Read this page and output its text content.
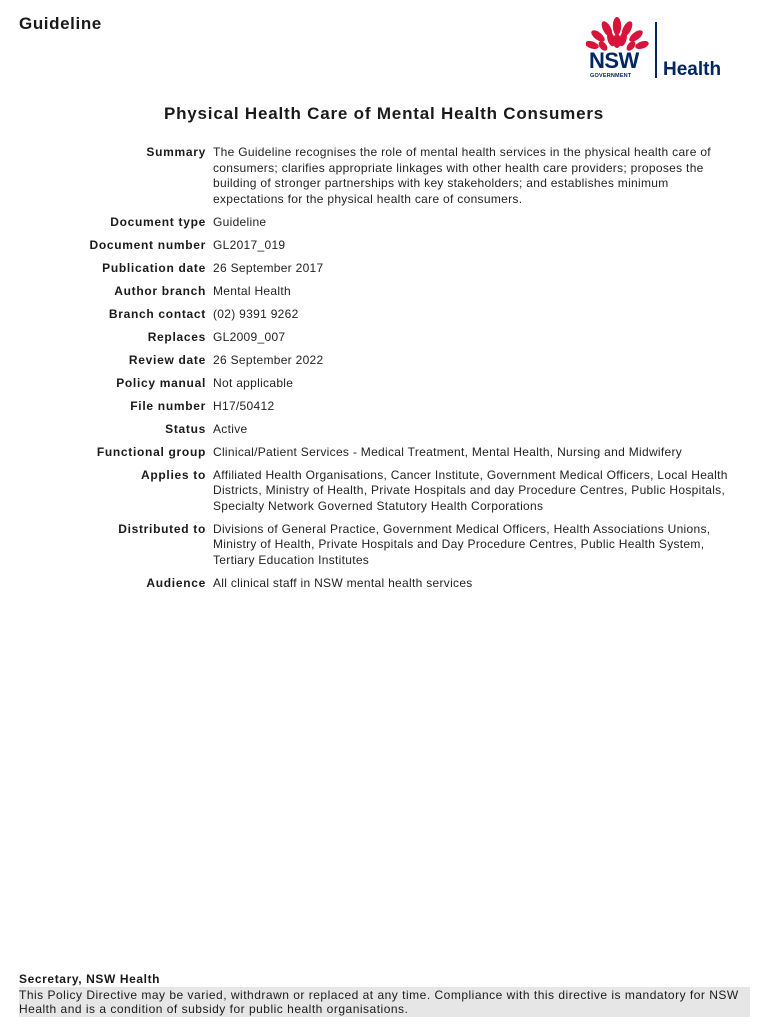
Guideline
NSW
GOVERNMENT Health
Physical Health Care of Mental Health Consumers
Summary	The Guideline recognises the role of mental health services in the physical health care of consumers; clarifies appropriate linkages with other health care providers; proposes the building of stronger partnerships with key stakeholders; and establishes minimum expectations for the physical health care of consumers.
Document type	Guideline
Document number	GL2017_019
Publication date	26 September 2017
Author branch	Mental Health
Branch contact	(02) 9391 9262
Replaces	GL2009_007
Review date	26 September 2022
Policy manual	Not applicable
File number	H17/50412
Status	Active
Functional group	Clinical/Patient Services - Medical Treatment, Mental Health, Nursing and Midwifery
Applies to	Affiliated Health Organisations, Cancer Institute, Government Medical Officers, Local Health Districts, Ministry of Health, Private Hospitals and day Procedure Centres, Public Hospitals, Specialty Network Governed Statutory Health Corporations
Distributed to	Divisions of General Practice, Government Medical Officers, Health Associations Unions, Ministry of Health, Private Hospitals and Day Procedure Centres, Public Health System, Tertiary Education Institutes
Audience	All clinical staff in NSW mental health services
Secretary, NSW Health
This Policy Directive may be varied, withdrawn or replaced at any time. Compliance with this directive is mandatory for NSW Health and is a condition of subsidy for public health organisations.
